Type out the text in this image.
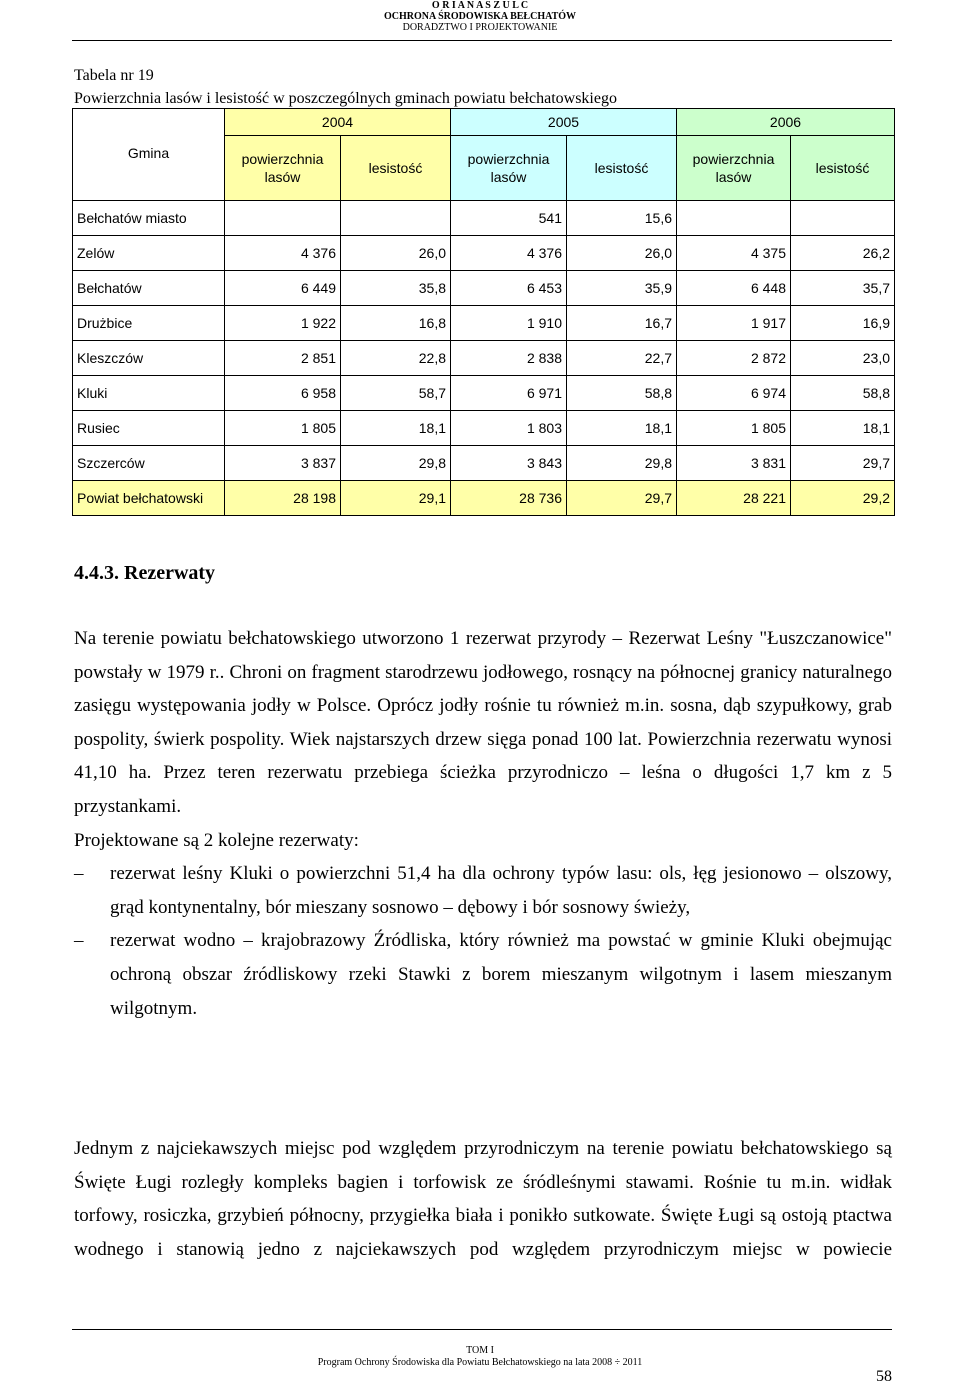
O R I A N A S Z U L C
OCHRONA ŚRODOWISKA BEŁCHATÓW
DORADZTWO I PROJEKTOWANIE
Tabela nr 19
Powierzchnia lasów i lesistość w poszczególnych gminach powiatu bełchatowskiego
Gmina	2004		2005		2006	
	powierzchnia lasów	lesistość	powierzchnia lasów	lesistość	powierzchnia lasów	lesistość
Bełchatów miasto			541	15,6		
Zelów	4 376	26,0	4 376	26,0	4 375	26,2
Bełchatów	6 449	35,8	6 453	35,9	6 448	35,7
Drużbice	1 922	16,8	1 910	16,7	1 917	16,9
Kleszczów	2 851	22,8	2 838	22,7	2 872	23,0
Kluki	6 958	58,7	6 971	58,8	6 974	58,8
Rusiec	1 805	18,1	1 803	18,1	1 805	18,1
Szczerców	3 837	29,8	3 843	29,8	3 831	29,7
Powiat bełchatowski	28 198	29,1	28 736	29,7	28 221	29,2
4.4.3. Rezerwaty
Na terenie powiatu bełchatowskiego utworzono 1 rezerwat przyrody – Rezerwat Leśny "Łuszczanowice" powstały w 1979 r.. Chroni on fragment starodrzewu jodłowego, rosnący na północnej granicy naturalnego zasięgu występowania jodły w Polsce. Oprócz jodły rośnie tu również m.in. sosna, dąb szypułkowy, grab pospolity, świerk pospolity. Wiek najstarszych drzew sięga ponad 100 lat. Powierzchnia rezerwatu wynosi 41,10 ha. Przez teren rezerwatu przebiega ścieżka przyrodniczo – leśna o długości 1,7 km z 5 przystankami.
Projektowane są 2 kolejne rezerwaty:
– rezerwat leśny Kluki o powierzchni 51,4 ha dla ochrony typów lasu: ols, łęg jesionowo – olszowy, grąd kontynentalny, bór mieszany sosnowo – dębowy i bór sosnowy świeży,
– rezerwat wodno – krajobrazowy Źródliska, który również ma powstać w gminie Kluki obejmując ochroną obszar źródliskowy rzeki Stawki z borem mieszanym wilgotnym i lasem mieszanym wilgotnym.
Jednym z najciekawszych miejsc pod względem przyrodniczym na terenie powiatu bełchatowskiego są Święte Ługi rozległy kompleks bagien i torfowisk ze śródleśnymi stawami. Rośnie tu m.in. widłak torfowy, rosiczka, grzybień północny, przygiełka biała i ponikło sutkowate. Święte Ługi są ostoją ptactwa wodnego i stanowią jedno z najciekawszych pod względem przyrodniczym miejsc w powiecie
TOM I
Program Ochrony Środowiska dla Powiatu Bełchatowskiego na lata 2008 ÷ 2011
58
